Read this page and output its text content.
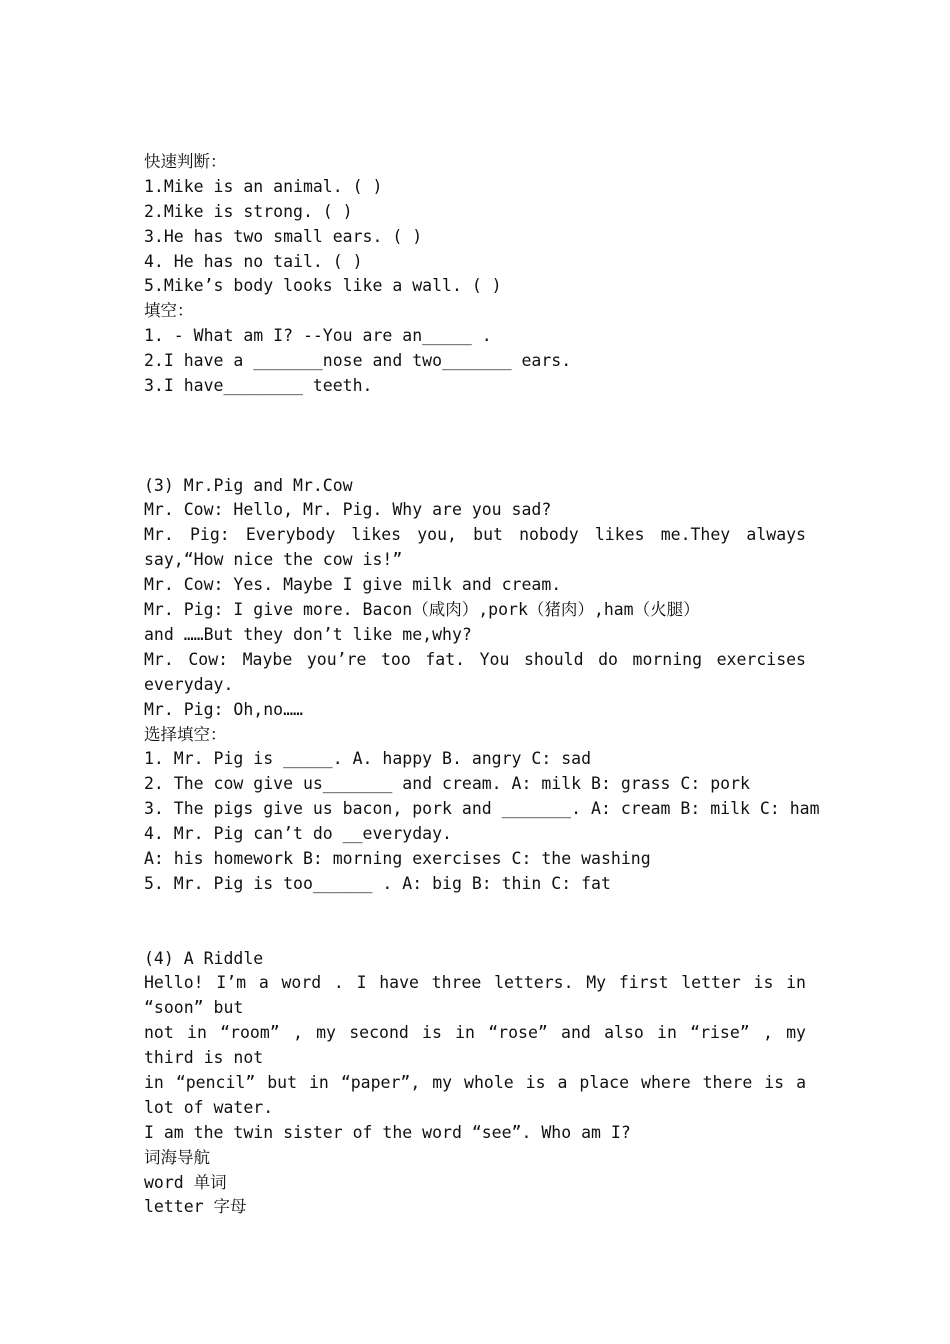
快速判断：
1.Mike is an animal. ( )
2.Mike is strong. ( )
3.He has two small ears. ( )
4. He has no tail. ( )
5.Mike’s body looks like a wall. ( )
填空：
1. - What am I? --You are an_____ .
2.I have a _______nose and two_______ ears.
3.I have________ teeth.
(3) Mr.Pig and Mr.Cow
Mr. Cow: Hello, Mr. Pig. Why are you sad?
Mr. Pig: Everybody likes you, but nobody likes me.They always
say,“How nice the cow is!”
Mr. Cow: Yes. Maybe I give milk and cream.
Mr. Pig: I give more. Bacon（咸肉）,pork（猪肉）,ham（火腿）
and ……But they don’t like me,why?
Mr. Cow: Maybe you’re too fat. You should do morning exercises
everyday.
Mr. Pig: Oh,no……
选择填空：
1. Mr. Pig is _____. A. happy B. angry C: sad
2. The cow give us_______ and cream. A: milk B: grass C: pork
3. The pigs give us bacon, pork and _______. A: cream B: milk C: ham
4. Mr. Pig can’t do __everyday.
A: his homework B: morning exercises C: the washing
5. Mr. Pig is too______ . A: big B: thin C: fat
(4) A Riddle
Hello! I’m a word . I have three letters. My first letter is in
“soon” but
not in “room” , my second is in “rose” and also in “rise” , my
third is not
in “pencil” but in “paper”, my whole is a place where there is a
lot of water.
I am the twin sister of the word “see”. Who am I?
词海导航
word 单词
letter 字母
